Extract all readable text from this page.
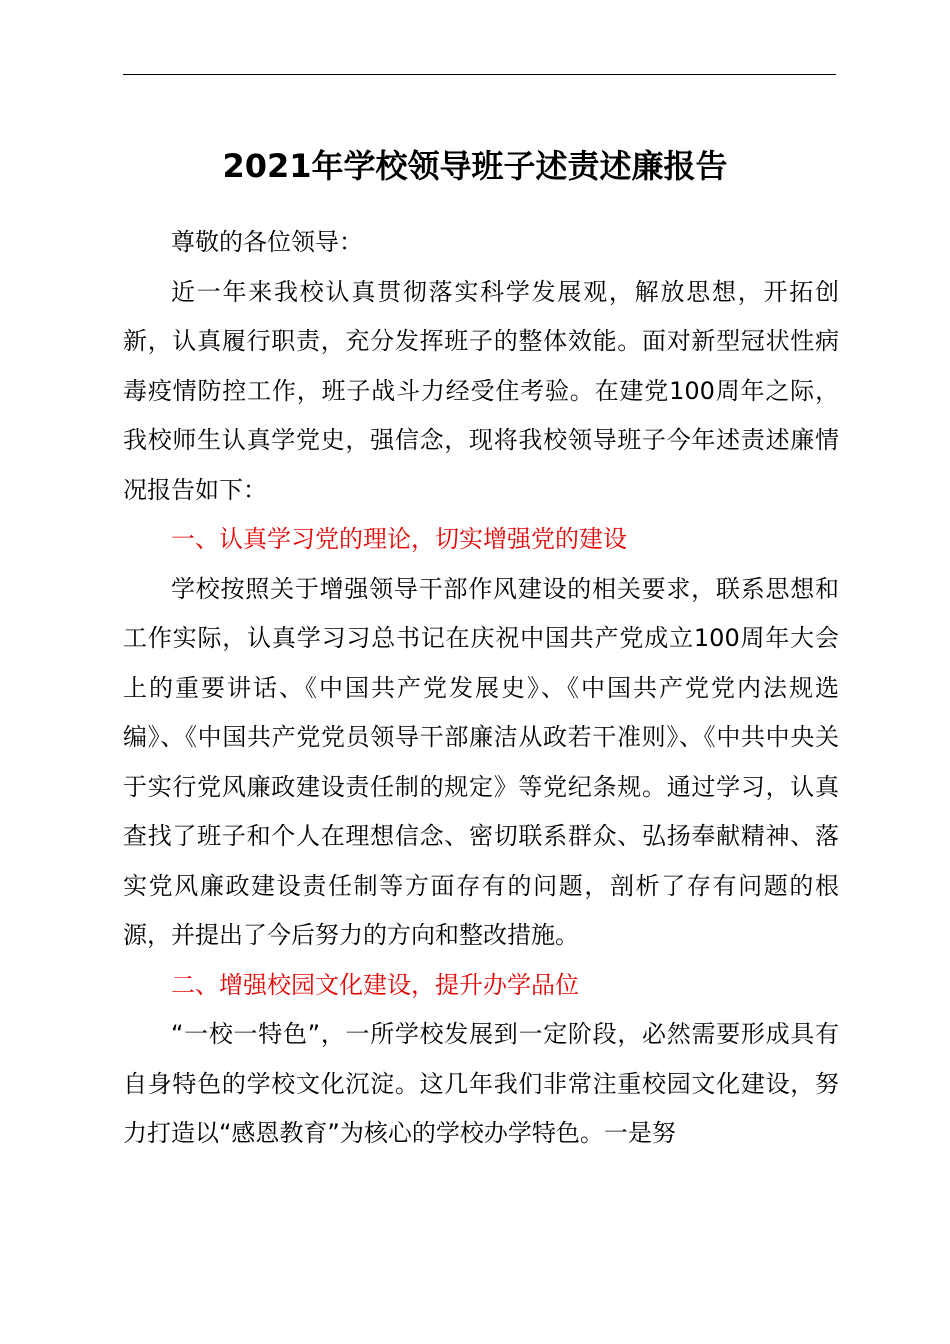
2021年学校领导班子述责述廉报告

尊敬的各位领导：

近一年来我校认真贯彻落实科学发展观，解放思想，开拓创新，认真履行职责，充分发挥班子的整体效能。面对新型冠状性病毒疫情防控工作，班子战斗力经受住考验。在建党100周年之际，我校师生认真学党史，强信念，现将我校领导班子今年述责述廉情况报告如下：

一、认真学习党的理论，切实增强党的建设

学校按照关于增强领导干部作风建设的相关要求，联系思想和工作实际，认真学习习总书记在庆祝中国共产党成立100周年大会上的重要讲话、《中国共产党发展史》、《中国共产党党内法规选编》、《中国共产党党员领导干部廉洁从政若干准则》、《中共中央关于实行党风廉政建设责任制的规定》等党纪条规。通过学习，认真查找了班子和个人在理想信念、密切联系群众、弘扬奉献精神、落实党风廉政建设责任制等方面存有的问题，剖析了存有问题的根源，并提出了今后努力的方向和整改措施。

二、增强校园文化建设，提升办学品位

“一校一特色”，一所学校发展到一定阶段，必然需要形成具有自身特色的学校文化沉淀。这几年我们非常注重校园文化建设，努力打造以“感恩教育”为核心的学校办学特色。一是努
